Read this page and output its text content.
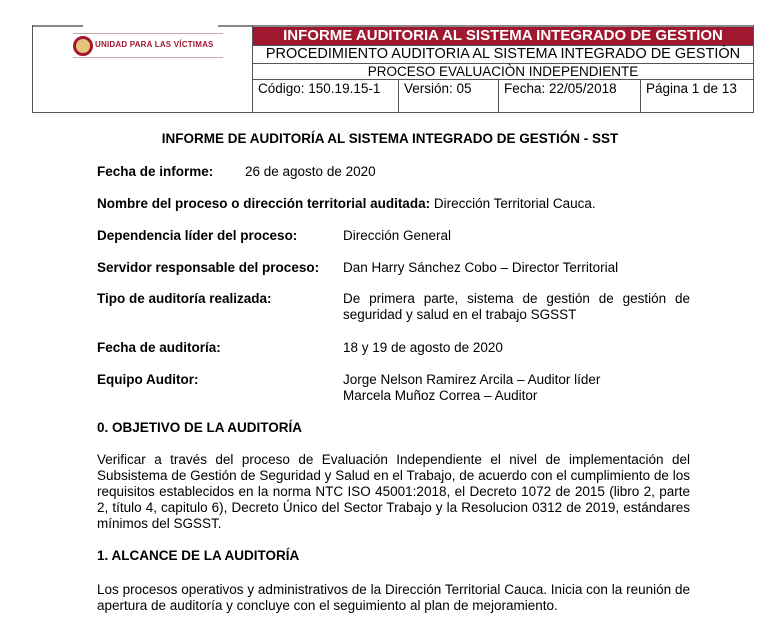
UNIDAD PARA LAS VÍCTIMAS
INFORME AUDITORIA AL SISTEMA INTEGRADO DE GESTION
PROCEDIMIENTO AUDITORIA AL SISTEMA INTEGRADO DE GESTIÓN
PROCESO EVALUACIÒN INDEPENDIENTE
Código: 150.19.15-1	Versión: 05	Fecha: 22/05/2018	Página 1 de 13
INFORME DE AUDITORÍA AL SISTEMA INTEGRADO DE GESTIÓN - SST
Fecha de informe: 26 de agosto de 2020
Nombre del proceso o dirección territorial auditada: Dirección Territorial Cauca.
Dependencia líder del proceso:	Dirección General
Servidor responsable del proceso: Dan Harry Sánchez Cobo – Director Territorial
Tipo de auditoría realizada:	De primera parte, sistema de gestión de gestión de seguridad y salud en el trabajo SGSST
Fecha de auditoría:	18 y 19 de agosto de 2020
Equipo Auditor:	Jorge Nelson Ramirez Arcila – Auditor líder
Marcela Muñoz Correa – Auditor
0. OBJETIVO DE LA AUDITORÍA
Verificar a través del proceso de Evaluación Independiente el nivel de implementación del Subsistema de Gestión de Seguridad y Salud en el Trabajo, de acuerdo con el cumplimiento de los requisitos establecidos en la norma NTC ISO 45001:2018, el Decreto 1072 de 2015 (libro 2, parte 2, título 4, capitulo 6), Decreto Único del Sector Trabajo y la Resolucion 0312 de 2019, estándares mínimos del SGSST.
1. ALCANCE DE LA AUDITORÍA
Los procesos operativos y administrativos de la Dirección Territorial Cauca. Inicia con la reunión de apertura de auditoría y concluye con el seguimiento al plan de mejoramiento.
